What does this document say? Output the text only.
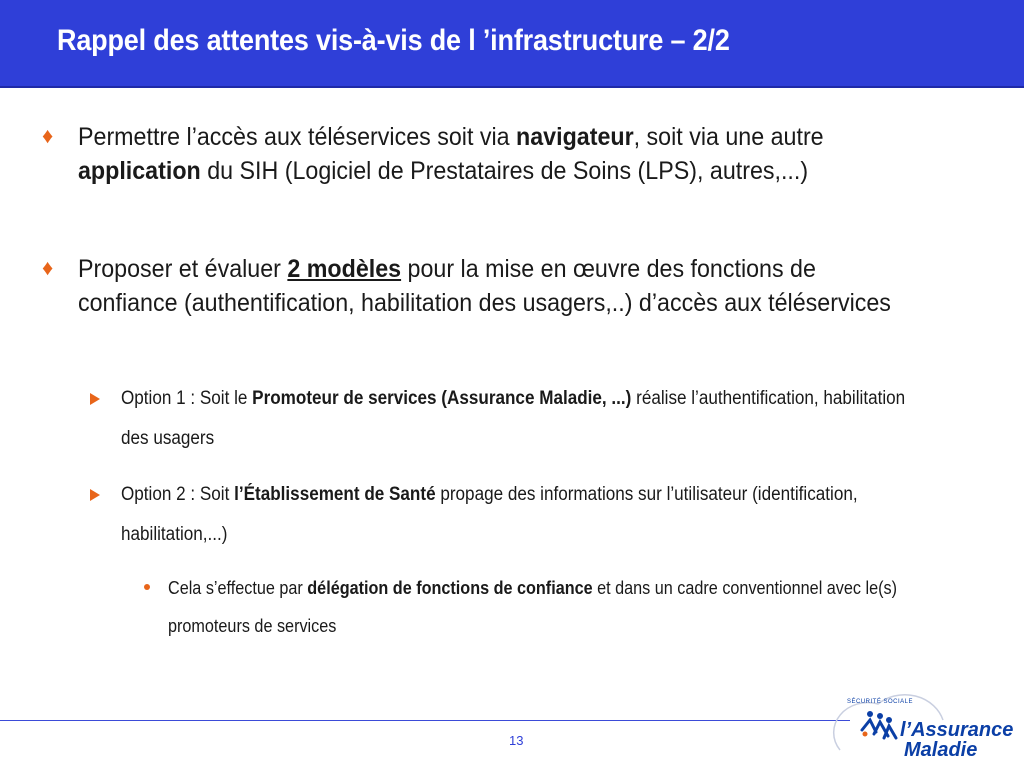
Rappel des attentes vis-à-vis de l ’infrastructure – 2/2
♦ Permettre l’accès aux téléservices soit via navigateur, soit via une autre application du SIH (Logiciel de Prestataires de Soins (LPS), autres,...)
♦ Proposer et évaluer 2 modèles pour la mise en œuvre des fonctions de confiance (authentification, habilitation des usagers,..) d’accès aux téléservices
Option 1 : Soit le Promoteur de services (Assurance Maladie, ...) réalise l’authentification, habilitation des usagers
Option 2 : Soit l’Établissement de Santé propage des informations sur l’utilisateur (identification, habilitation,...)
Cela s’effectue par délégation de fonctions de confiance et dans un cadre conventionnel avec le(s) promoteurs de services
13
SÉCURITÉ SOCIALE
l’Assurance
Maladie
